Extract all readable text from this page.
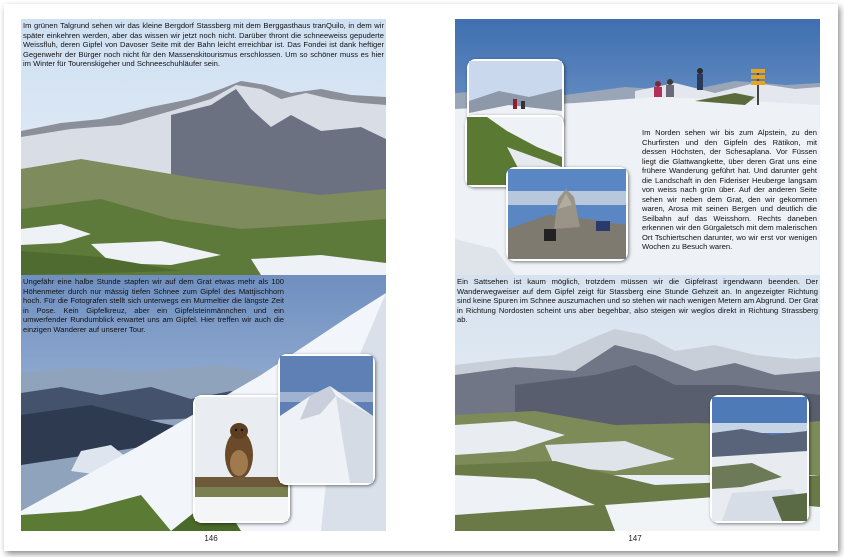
Im grünen Talgrund sehen wir das kleine Bergdorf Stassberg mit dem Berggasthaus tranQuilo, in dem wir später einkehren werden, aber das wissen wir jetzt noch nicht. Darüber thront die schneeweiss gepuderte Weissfluh, deren Gipfel von Davoser Seite mit der Bahn leicht erreichbar ist. Das Fondei ist dank heftiger Gegenwehr der Bürger noch nicht für den Massenskitourismus erschlossen. Um so schöner muss es hier im Winter für Tourenskigeher und Schneeschuhläufer sein.
Ungefähr eine halbe Stunde stapfen wir auf dem Grat etwas mehr als 100 Höhenmeter durch nur mässig tiefen Schnee zum Gipfel des Mattjischhorn hoch. Für die Fotografen stellt sich unterwegs ein Murmeltier die längste Zeit in Pose. Kein Gipfelkreuz, aber ein Gipfelsteinmännchen und ein umwerfender Rundumblick erwartet uns am Gipfel. Hier treffen wir auch die einzigen Wanderer auf unserer Tour.
146
Im Norden sehen wir bis zum Alpstein, zu den Churfirsten und den Gipfeln des Rätikon, mit dessen Höchsten, der Schesaplana. Vor Füssen liegt die Glattwangkette, über deren Grat uns eine frühere Wanderung geführt hat. Und darunter geht die Landschaft in den Fideriser Heuberge langsam von weiss nach grün über. Auf der anderen Seite sehen wir neben dem Grat, den wir gekommen waren, Arosa mit seinen Bergen und deutlich die Seilbahn auf das Weisshorn. Rechts daneben erkennen wir den Gürgaletsch mit dem malerischen Ort Tschiertschen darunter, wo wir erst vor wenigen Wochen zu Besuch waren.
Ein Sattsehen ist kaum möglich, trotzdem müssen wir die Gipfelrast irgendwann beenden. Der Wanderwegweiser auf dem Gipfel zeigt für Stassberg eine Stunde Gehzeit an. In angezeigter Richtung sind keine Spuren im Schnee auszumachen und so stehen wir nach wenigen Metern am Abgrund. Der Grat in Richtung Nordosten scheint uns aber begehbar, also steigen wir weglos direkt in Richtung Strassberg ab.
147
